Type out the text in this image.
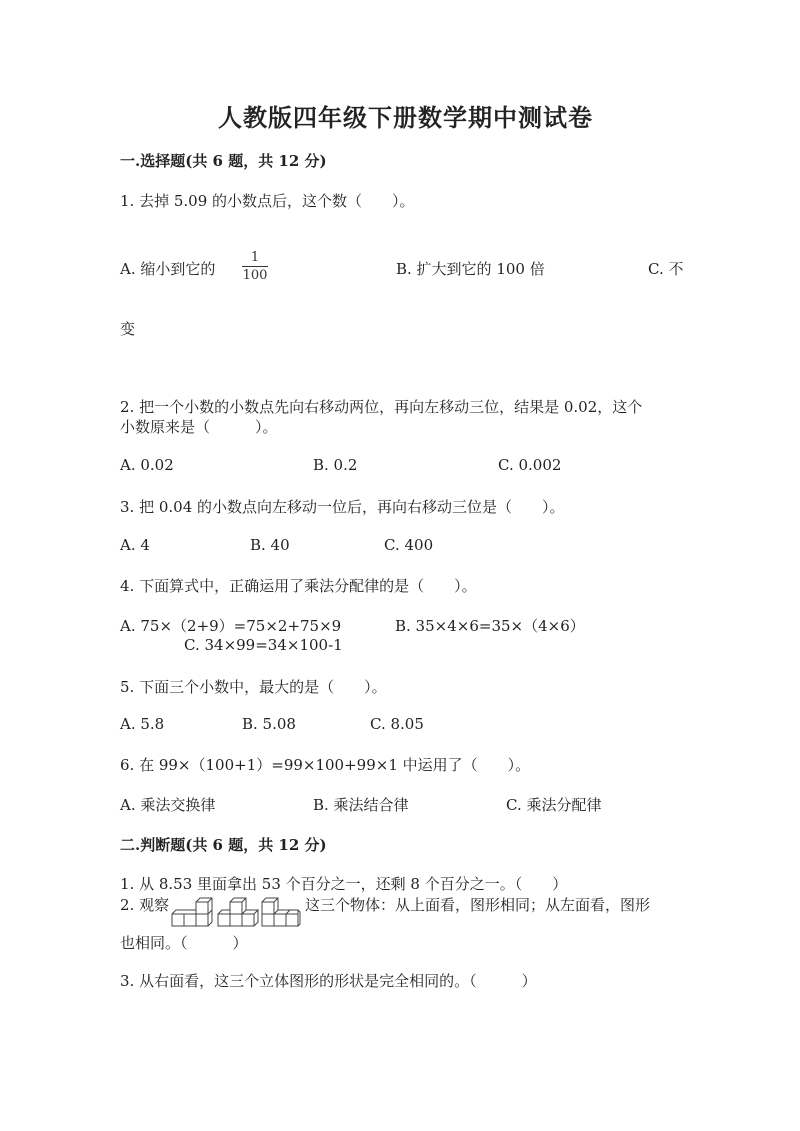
人教版四年级下册数学期中测试卷
一.选择题(共 6 题，共 12 分)
1. 去掉 5.09 的小数点后，这个数（　　）。
A. 缩小到它的
1
100	B. 扩大到它的 100 倍	C. 不
变
2. 把一个小数的小数点先向右移动两位，再向左移动三位，结果是 0.02，这个
小数原来是（　　　）。
A. 0.02	B. 0.2	C. 0.002
3. 把 0.04 的小数点向左移动一位后，再向右移动三位是（　　）。
A. 4	B. 40	C. 400
4. 下面算式中，正确运用了乘法分配律的是（　　）。
A. 75×（2+9）=75×2+75×9	B. 35×4×6=35×（4×6）
C. 34×99=34×100-1
5. 下面三个小数中，最大的是（　　）。
A. 5.8	B. 5.08	C. 8.05
6. 在 99×（100+1）=99×100+99×1 中运用了（　　）。
A. 乘法交换律	B. 乘法结合律	C. 乘法分配律
二.判断题(共 6 题，共 12 分)
1. 从 8.53 里面拿出 53 个百分之一，还剩 8 个百分之一。（　　）
2. 观察	这三个物体：从上面看，图形相同；从左面看，图形
也相同。（　　　）
3. 从右面看，这三个立体图形的形状是完全相同的。（　　　）
